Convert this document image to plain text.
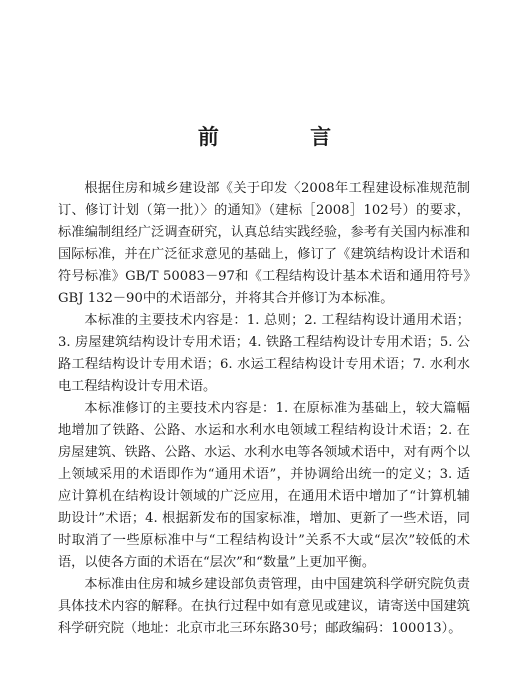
前 言

根据住房和城乡建设部《关于印发〈2008年工程建设标准规范制订、修订计划（第一批）〉的通知》（建标［2008］102号）的要求，标准编制组经广泛调查研究，认真总结实践经验，参考有关国内标准和国际标准，并在广泛征求意见的基础上，修订了《建筑结构设计术语和符号标准》GB/T 50083－97和《工程结构设计基本术语和通用符号》GBJ 132－90中的术语部分，并将其合并修订为本标准。

本标准的主要技术内容是：1. 总则；2. 工程结构设计通用术语；3. 房屋建筑结构设计专用术语；4. 铁路工程结构设计专用术语；5. 公路工程结构设计专用术语；6. 水运工程结构设计专用术语；7. 水利水电工程结构设计专用术语。

本标准修订的主要技术内容是：1. 在原标准为基础上，较大篇幅地增加了铁路、公路、水运和水利水电领域工程结构设计术语；2. 在房屋建筑、铁路、公路、水运、水利水电等各领域术语中，对有两个以上领域采用的术语即作为“通用术语”，并协调给出统一的定义；3. 适应计算机在结构设计领域的广泛应用，在通用术语中增加了“计算机辅助设计”术语；4. 根据新发布的国家标准，增加、更新了一些术语，同时取消了一些原标准中与“工程结构设计”关系不大或“层次”较低的术语，以使各方面的术语在“层次”和“数量”上更加平衡。

本标准由住房和城乡建设部负责管理，由中国建筑科学研究院负责具体技术内容的解释。在执行过程中如有意见或建议，请寄送中国建筑科学研究院（地址：北京市北三环东路30号；邮政编码：100013）。
